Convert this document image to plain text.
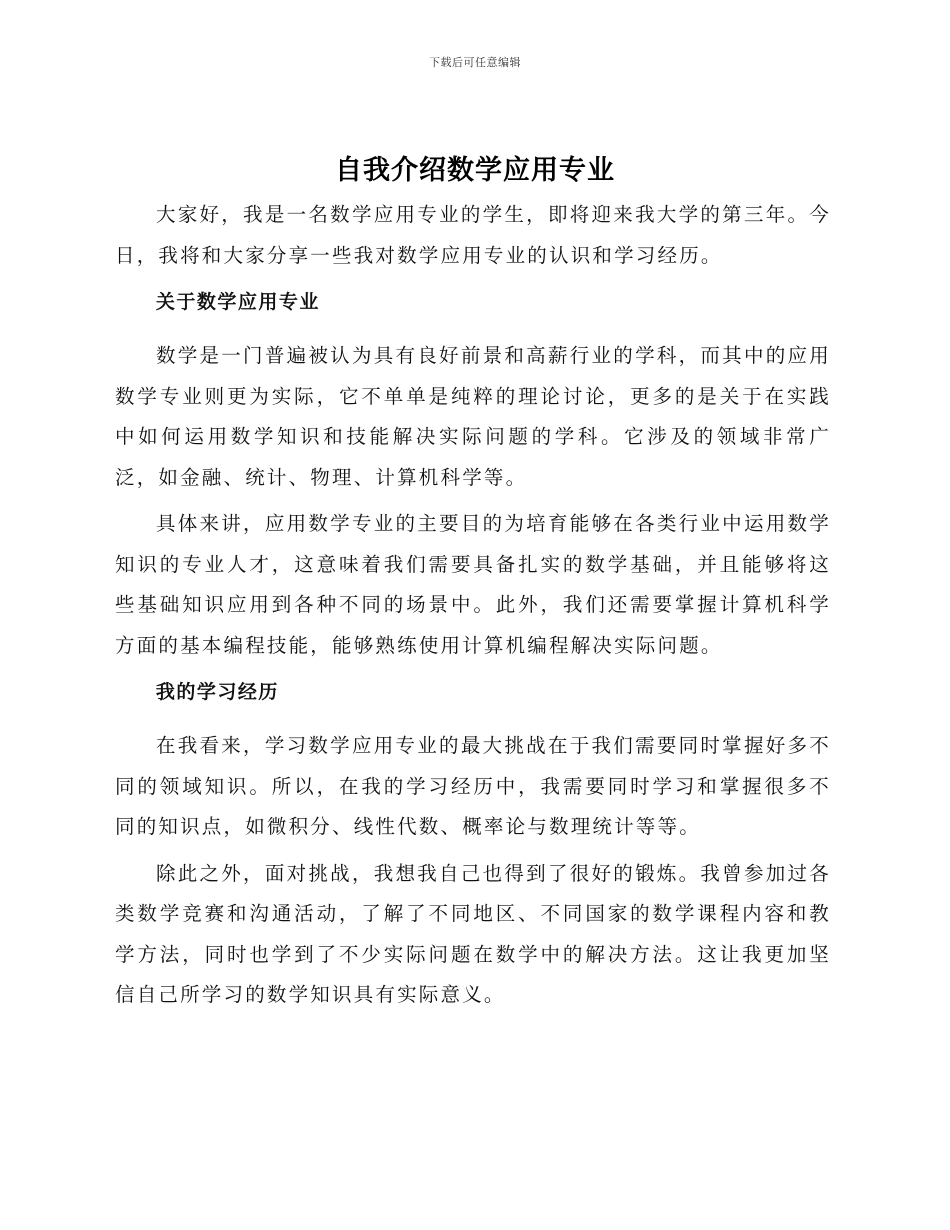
下载后可任意编辑
自我介绍数学应用专业

大家好，我是一名数学应用专业的学生，即将迎来我大学的第三年。今日，我将和大家分享一些我对数学应用专业的认识和学习经历。

关于数学应用专业

数学是一门普遍被认为具有良好前景和高薪行业的学科，而其中的应用数学专业则更为实际，它不单单是纯粹的理论讨论，更多的是关于在实践中如何运用数学知识和技能解决实际问题的学科。它涉及的领域非常广泛，如金融、统计、物理、计算机科学等。

具体来讲，应用数学专业的主要目的为培育能够在各类行业中运用数学知识的专业人才，这意味着我们需要具备扎实的数学基础，并且能够将这些基础知识应用到各种不同的场景中。此外，我们还需要掌握计算机科学方面的基本编程技能，能够熟练使用计算机编程解决实际问题。

我的学习经历

在我看来，学习数学应用专业的最大挑战在于我们需要同时掌握好多不同的领域知识。所以，在我的学习经历中，我需要同时学习和掌握很多不同的知识点，如微积分、线性代数、概率论与数理统计等等。

除此之外，面对挑战，我想我自己也得到了很好的锻炼。我曾参加过各类数学竞赛和沟通活动，了解了不同地区、不同国家的数学课程内容和教学方法，同时也学到了不少实际问题在数学中的解决方法。这让我更加坚信自己所学习的数学知识具有实际意义。
